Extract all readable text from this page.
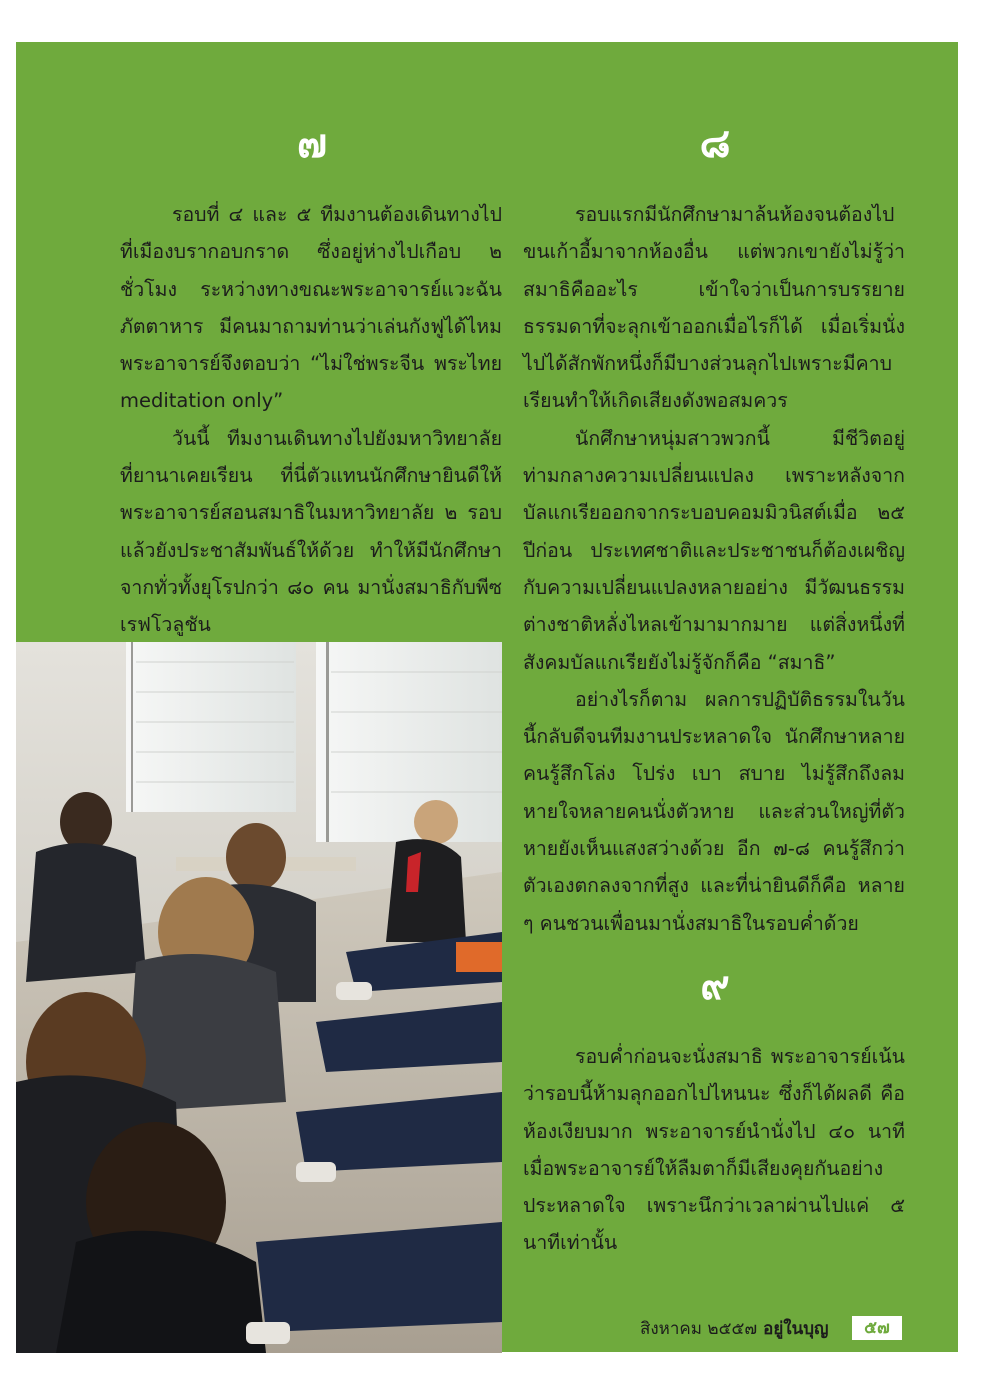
๗

รอบที่ ๔ และ ๕ ทีมงานต้องเดินทางไปที่เมืองบรากอบกราด ซึ่งอยู่ห่างไปเกือบ ๒ ชั่วโมง ระหว่างทางขณะพระอาจารย์แวะฉันภัตตาหาร มีคนมาถามท่านว่าเล่นกังฟูได้ไหม พระอาจารย์จึงตอบว่า “ไม่ใช่พระจีน พระไทย meditation only”

วันนี้ ทีมงานเดินทางไปยังมหาวิทยาลัยที่ยานาเคยเรียน ที่นี่ตัวแทนนักศึกษายินดีให้พระอาจารย์สอนสมาธิในมหาวิทยาลัย ๒ รอบ แล้วยังประชาสัมพันธ์ให้ด้วย ทำให้มีนักศึกษาจากทั่วทั้งยุโรปกว่า ๘๐ คน มานั่งสมาธิกับพีซเรฟโวลูชัน

๘

รอบแรกมีนักศึกษามาล้นห้องจนต้องไปขนเก้าอี้มาจากห้องอื่น แต่พวกเขายังไม่รู้ว่าสมาธิคืออะไร เข้าใจว่าเป็นการบรรยายธรรมดาที่จะลุกเข้าออกเมื่อไรก็ได้ เมื่อเริ่มนั่งไปได้สักพักหนึ่งก็มีบางส่วนลุกไปเพราะมีคาบเรียนทำให้เกิดเสียงดังพอสมควร

นักศึกษาหนุ่มสาวพวกนี้ มีชีวิตอยู่ท่ามกลางความเปลี่ยนแปลง เพราะหลังจากบัลแกเรียออกจากระบอบคอมมิวนิสต์เมื่อ ๒๕ ปีก่อน ประเทศชาติและประชาชนก็ต้องเผชิญกับความเปลี่ยนแปลงหลายอย่าง มีวัฒนธรรมต่างชาติหลั่งไหลเข้ามามากมาย แต่สิ่งหนึ่งที่สังคมบัลแกเรียยังไม่รู้จักก็คือ “สมาธิ”

อย่างไรก็ตาม ผลการปฏิบัติธรรมในวันนี้กลับดีจนทีมงานประหลาดใจ นักศึกษาหลายคนรู้สึกโล่ง โปร่ง เบา สบาย ไม่รู้สึกถึงลมหายใจหลายคนนั่งตัวหาย และส่วนใหญ่ที่ตัวหายยังเห็นแสงสว่างด้วย อีก ๗-๘ คนรู้สึกว่าตัวเองตกลงจากที่สูง และที่น่ายินดีก็คือ หลาย ๆ คนชวนเพื่อนมานั่งสมาธิในรอบค่ำด้วย

๙

รอบค่ำก่อนจะนั่งสมาธิ พระอาจารย์เน้นว่ารอบนี้ห้ามลุกออกไปไหนนะ ซึ่งก็ได้ผลดี คือห้องเงียบมาก พระอาจารย์นำนั่งไป ๔๐ นาที เมื่อพระอาจารย์ให้ลืมตาก็มีเสียงคุยกันอย่างประหลาดใจ เพราะนึกว่าเวลาผ่านไปแค่ ๕ นาทีเท่านั้น

สิงหาคม ๒๕๕๗ อยู่ในบุญ	๕๗
